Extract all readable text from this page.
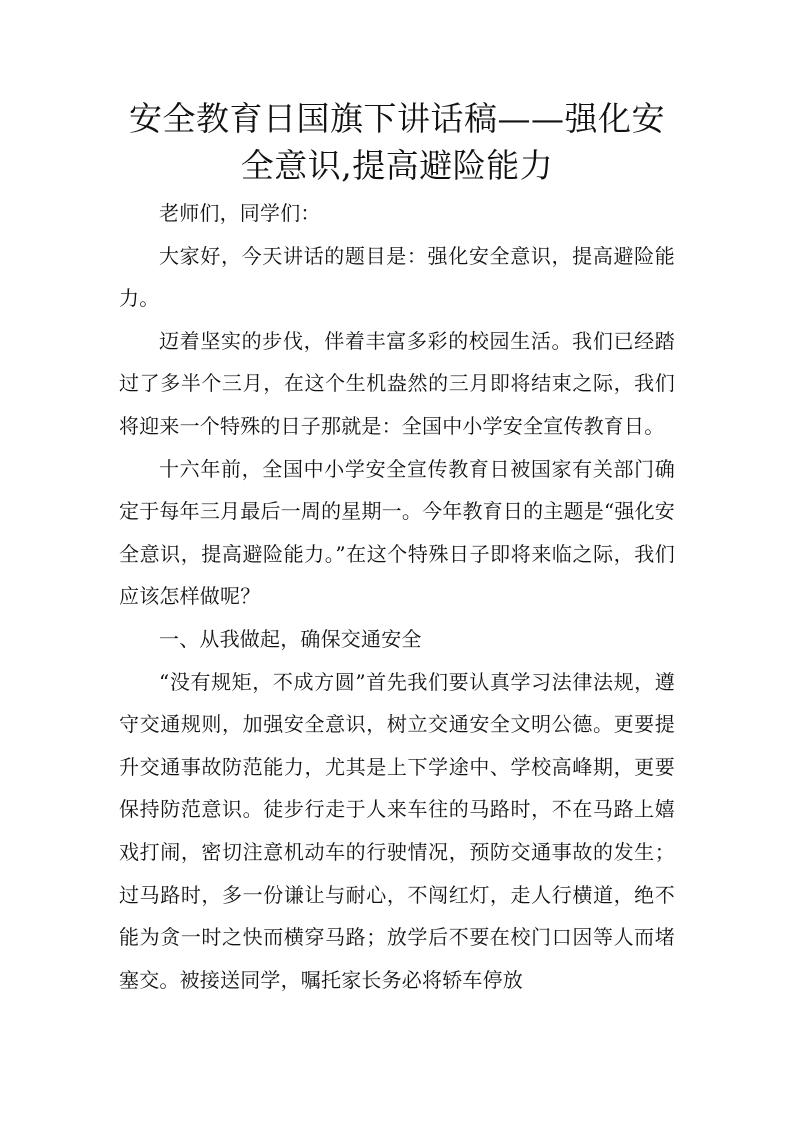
安全教育日国旗下讲话稿——强化安全意识,提高避险能力

老师们，同学们：

大家好，今天讲话的题目是：强化安全意识，提高避险能力。

迈着坚实的步伐，伴着丰富多彩的校园生活。我们已经踏过了多半个三月，在这个生机盎然的三月即将结束之际，我们将迎来一个特殊的日子那就是：全国中小学安全宣传教育日。

十六年前，全国中小学安全宣传教育日被国家有关部门确定于每年三月最后一周的星期一。今年教育日的主题是“强化安全意识，提高避险能力。”在这个特殊日子即将来临之际，我们应该怎样做呢？

一、从我做起，确保交通安全

“没有规矩，不成方圆”首先我们要认真学习法律法规，遵守交通规则，加强安全意识，树立交通安全文明公德。更要提升交通事故防范能力，尤其是上下学途中、学校高峰期，更要保持防范意识。徒步行走于人来车往的马路时，不在马路上嬉戏打闹，密切注意机动车的行驶情况，预防交通事故的发生；过马路时，多一份谦让与耐心，不闯红灯，走人行横道，绝不能为贪一时之快而横穿马路；放学后不要在校门口因等人而堵塞交。被接送同学，嘱托家长务必将轿车停放
